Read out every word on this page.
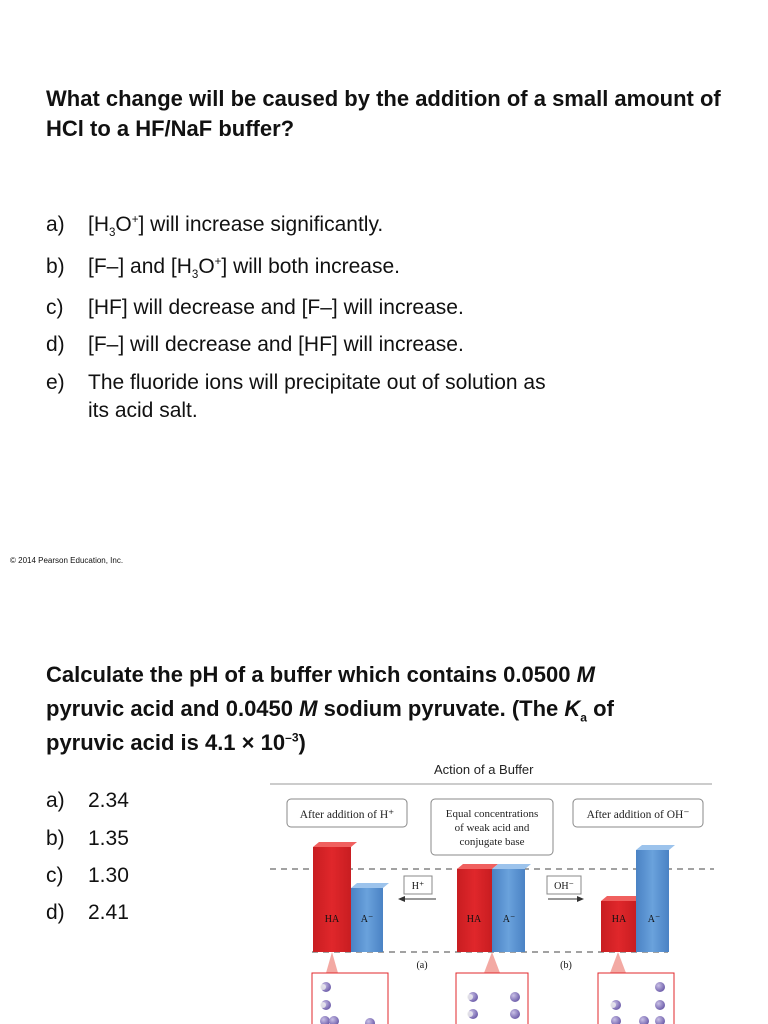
What change will be caused by the addition of a small amount of HCl to a HF/NaF buffer?

a) $[H_3O^+]$ will increase significantly.
b) [F–] and $[H_3O^+]$ will both increase.
c) [HF] will decrease and [F–] will increase.
d) [F–] will decrease and [HF] will increase.
e) The fluoride ions will precipitate out of solution as
its acid salt.
© 2014 Pearson Education, Inc.

Calculate the pH of a buffer which contains 0.0500 M
pyruvic acid and 0.0450 M sodium pyruvate. (The $K_a$ of
pyruvic acid is $4.1 \times 10^{-3}$)

a) 2.34
b) 1.35
c) 1.30
d) 2.41
Action of a Buffer
After addition of H⁺	Equal concentrations
of weak acid and
conjugate base
After addition of OH⁻
HA A⁻	HA A⁻	HA A⁻
H⁺	OH⁻
(a)	(b)
